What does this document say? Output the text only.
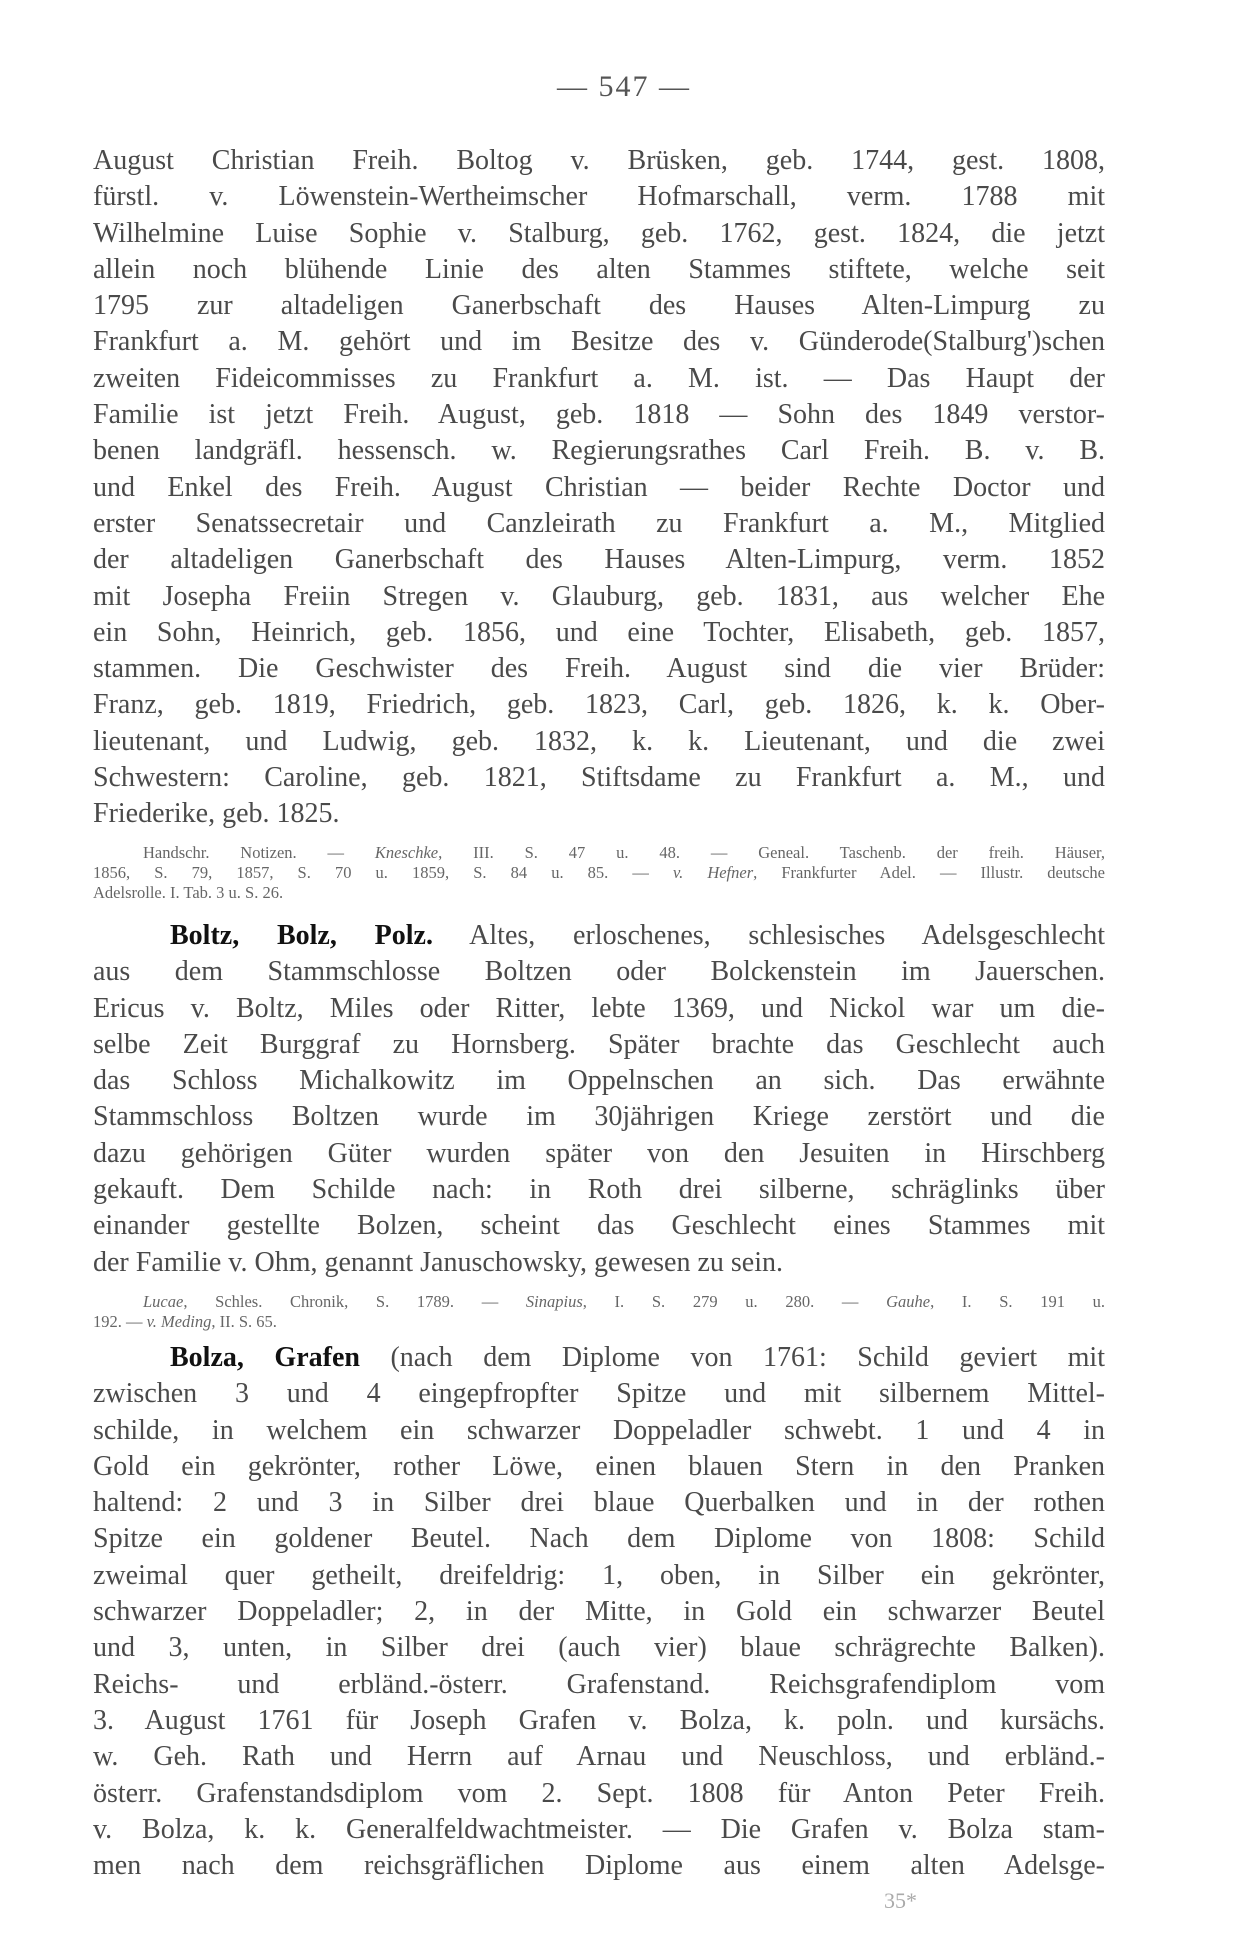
— 547 —
August Christian Freih. Boltog v. Brüsken, geb. 1744, gest. 1808,
fürstl. v. Löwenstein-Wertheimscher Hofmarschall, verm. 1788 mit
Wilhelmine Luise Sophie v. Stalburg, geb. 1762, gest. 1824, die jetzt
allein noch blühende Linie des alten Stammes stiftete, welche seit
1795 zur altadeligen Ganerbschaft des Hauses Alten-Limpurg zu
Frankfurt a. M. gehört und im Besitze des v. Günderode(Stalburg')schen
zweiten Fideicommisses zu Frankfurt a. M. ist. — Das Haupt der
Familie ist jetzt Freih. August, geb. 1818 — Sohn des 1849 verstor-
benen landgräfl. hessensch. w. Regierungsrathes Carl Freih. B. v. B.
und Enkel des Freih. August Christian — beider Rechte Doctor und
erster Senatssecretair und Canzleirath zu Frankfurt a. M., Mitglied
der altadeligen Ganerbschaft des Hauses Alten-Limpurg, verm. 1852
mit Josepha Freiin Stregen v. Glauburg, geb. 1831, aus welcher Ehe
ein Sohn, Heinrich, geb. 1856, und eine Tochter, Elisabeth, geb. 1857,
stammen. Die Geschwister des Freih. August sind die vier Brüder:
Franz, geb. 1819, Friedrich, geb. 1823, Carl, geb. 1826, k. k. Ober-
lieutenant, und Ludwig, geb. 1832, k. k. Lieutenant, und die zwei
Schwestern: Caroline, geb. 1821, Stiftsdame zu Frankfurt a. M., und
Friederike, geb. 1825.
Handschr. Notizen. — Kneschke, III. S. 47 u. 48. — Geneal. Taschenb. der freih. Häuser,
1856, S. 79, 1857, S. 70 u. 1859, S. 84 u. 85. — v. Hefner, Frankfurter Adel. — Illustr. deutsche
Adelsrolle. I. Tab. 3 u. S. 26.
Boltz, Bolz, Polz. Altes, erloschenes, schlesisches Adelsgeschlecht
aus dem Stammschlosse Boltzen oder Bolckenstein im Jauerschen.
Ericus v. Boltz, Miles oder Ritter, lebte 1369, und Nickol war um die-
selbe Zeit Burggraf zu Hornsberg. Später brachte das Geschlecht auch
das Schloss Michalkowitz im Oppelnschen an sich. Das erwähnte
Stammschloss Boltzen wurde im 30jährigen Kriege zerstört und die
dazu gehörigen Güter wurden später von den Jesuiten in Hirschberg
gekauft. Dem Schilde nach: in Roth drei silberne, schräglinks über
einander gestellte Bolzen, scheint das Geschlecht eines Stammes mit
der Familie v. Ohm, genannt Januschowsky, gewesen zu sein.
Lucae, Schles. Chronik, S. 1789. — Sinapius, I. S. 279 u. 280. — Gauhe, I. S. 191 u.
192. — v. Meding, II. S. 65.
Bolza, Grafen (nach dem Diplome von 1761: Schild geviert mit
zwischen 3 und 4 eingepfropfter Spitze und mit silbernem Mittel-
schilde, in welchem ein schwarzer Doppeladler schwebt. 1 und 4 in
Gold ein gekrönter, rother Löwe, einen blauen Stern in den Pranken
haltend: 2 und 3 in Silber drei blaue Querbalken und in der rothen
Spitze ein goldener Beutel. Nach dem Diplome von 1808: Schild
zweimal quer getheilt, dreifeldrig: 1, oben, in Silber ein gekrönter,
schwarzer Doppeladler; 2, in der Mitte, in Gold ein schwarzer Beutel
und 3, unten, in Silber drei (auch vier) blaue schrägrechte Balken).
Reichs- und erbländ.-österr. Grafenstand. Reichsgrafendiplom vom
3. August 1761 für Joseph Grafen v. Bolza, k. poln. und kursächs.
w. Geh. Rath und Herrn auf Arnau und Neuschloss, und erbländ.-
österr. Grafenstandsdiplom vom 2. Sept. 1808 für Anton Peter Freih.
v. Bolza, k. k. Generalfeldwachtmeister. — Die Grafen v. Bolza stam-
men nach dem reichsgräflichen Diplome aus einem alten Adelsge-
35*
